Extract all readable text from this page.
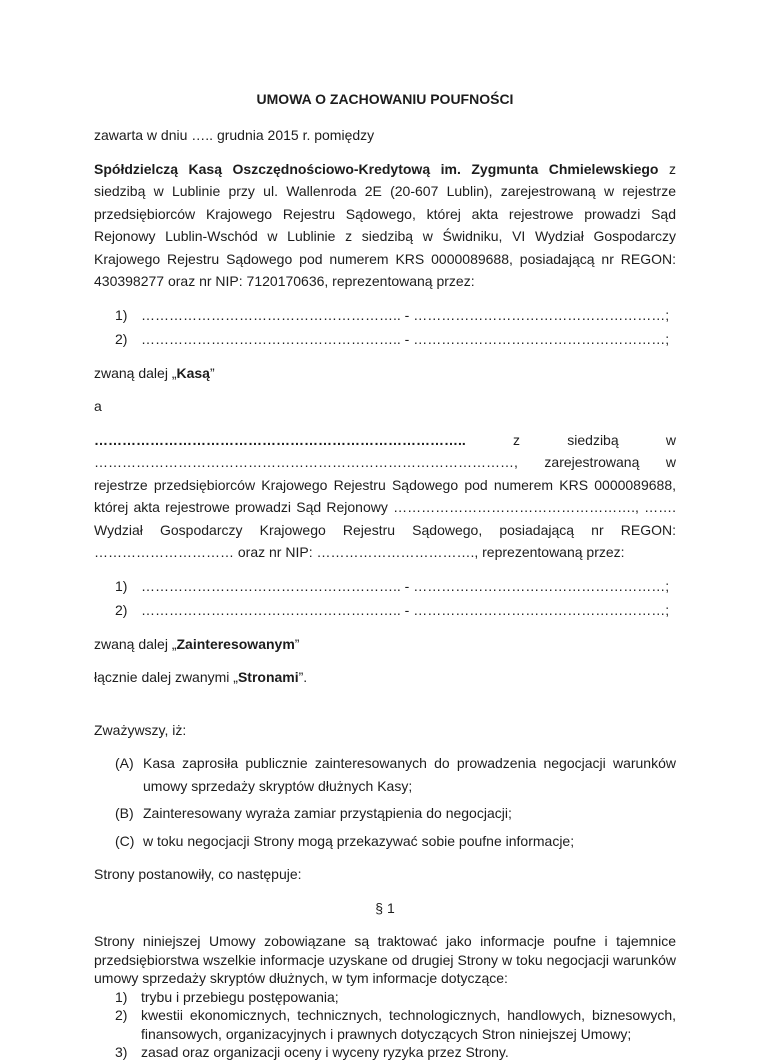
UMOWA O ZACHOWANIU POUFNOŚCI

zawarta w dniu ….. grudnia 2015 r. pomiędzy

Spółdzielczą Kasą Oszczędnościowo-Kredytową im. Zygmunta Chmielewskiego z siedzibą w Lublinie przy ul. Wallenroda 2E (20-607 Lublin), zarejestrowaną w rejestrze przedsiębiorców Krajowego Rejestru Sądowego, której akta rejestrowe prowadzi Sąd Rejonowy Lublin-Wschód w Lublinie z siedzibą w Świdniku, VI Wydział Gospodarczy Krajowego Rejestru Sądowego pod numerem KRS 0000089688, posiadającą nr REGON: 430398277 oraz nr NIP: 7120170636, reprezentowaną przez:

1) ……………………………………………….. - ………………………………………………;
2) ……………………………………………….. - ………………………………………………;

zwaną dalej „Kasą”

a

…………………………………………………………………….. z siedzibą w ………………………………………………………………………………, zarejestrowaną w rejestrze przedsiębiorców Krajowego Rejestru Sądowego pod numerem KRS 0000089688, której akta rejestrowe prowadzi Sąd Rejonowy ……………………………………………., ……. Wydział Gospodarczy Krajowego Rejestru Sądowego, posiadającą nr REGON: ………………………… oraz nr NIP: ……………………………., reprezentowaną przez:

1) ……………………………………………….. - ………………………………………………;
2) ……………………………………………….. - ………………………………………………;

zwaną dalej „Zainteresowanym”

łącznie dalej zwanymi „Stronami”.

Zważywszy, iż:

(A) Kasa zaprosiła publicznie zainteresowanych do prowadzenia negocjacji warunków umowy sprzedaży skryptów dłużnych Kasy;
(B) Zainteresowany wyraża zamiar przystąpienia do negocjacji;
(C) w toku negocjacji Strony mogą przekazywać sobie poufne informacje;

Strony postanowiły, co następuje:

§ 1

Strony niniejszej Umowy zobowiązane są traktować jako informacje poufne i tajemnice przedsiębiorstwa wszelkie informacje uzyskane od drugiej Strony w toku negocjacji warunków umowy sprzedaży skryptów dłużnych, w tym informacje dotyczące:

1) trybu i przebiegu postępowania;
2) kwestii ekonomicznych, technicznych, technologicznych, handlowych, biznesowych, finansowych, organizacyjnych i prawnych dotyczących Stron niniejszej Umowy;
3) zasad oraz organizacji oceny i wyceny ryzyka przez Strony.
